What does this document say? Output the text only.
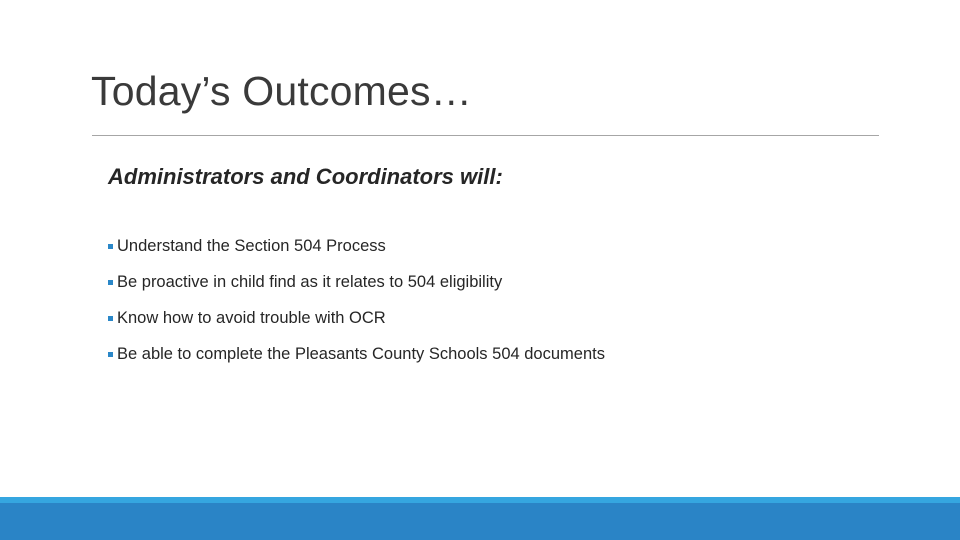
Today’s Outcomes…
Administrators and Coordinators will:
Understand the Section 504 Process
Be proactive in child find as it relates to 504 eligibility
Know how to avoid trouble with OCR
Be able to complete the Pleasants County Schools 504 documents
